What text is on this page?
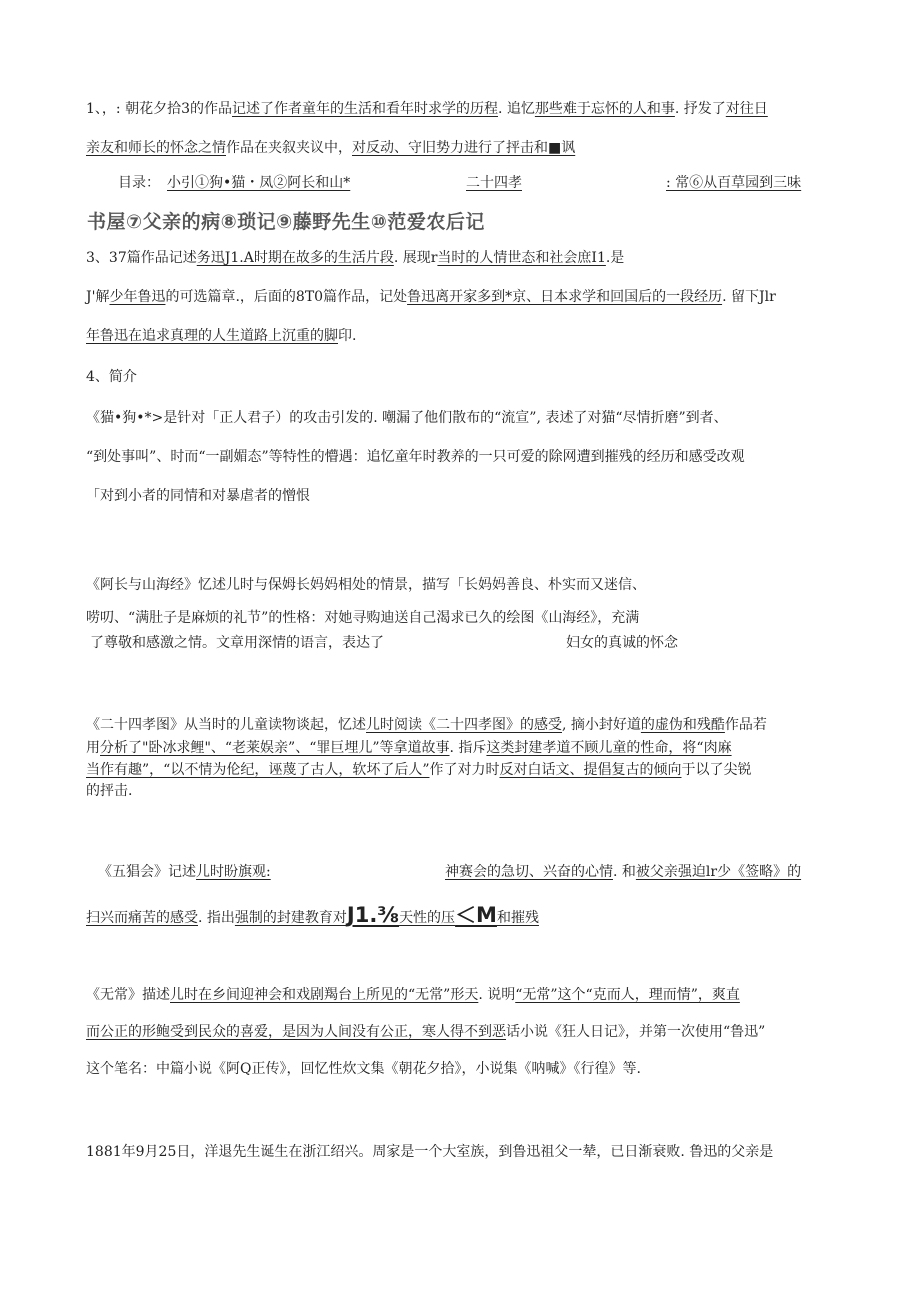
1、，: 朝花夕拾3的作品记述了作者童年的生活和看年时求学的历程. 追忆那些难于忘怀的人和事. 抒发了对往日
亲友和师长的怀念之情作品在夹叙夹议中，对反动、守旧势力进行了抨击和■讽
目录： 小引①狗•猫・凤②阿长和山*	二十四孝	: 常⑥从百草园到三味
书屋⑦父亲的病⑧琐记⑨藤野先生⑩范爱农后记
3、37篇作品记述务迅J1.A时期在故多的生活片段. 展现r当时的人情世态和社会庶I1.是
J'解少年鲁迅的可选篇章.，后面的8T0篇作品，记处鲁迅离开家多到*京、日本求学和回国后的一段经历. 留下Jlr
年鲁迅在追求真理的人生道路上沉重的脚印.
4、简介
《猫•狗•*>是针对「正人君子）的攻击引发的. 嘲漏了他们散布的“流宣”, 表述了对猫“尽情折磨”到者、
“到处事叫”、时而“一副媚态”等特性的懵遇：追忆童年时教养的一只可爱的除网遭到摧残的经历和感受改观
「对到小者的同情和对暴虐者的憎恨
《阿长与山海经》忆述儿时与保姆长妈妈相处的情景，描写「长妈妈善良、朴实而又迷信、
唠叨、“满肚子是麻烦的礼节”的性格：对她寻购迪送自己渴求已久的绘图《山海经》，充满
了尊敬和感激之情。文章用深情的语言，表达了	妇女的真诚的怀念
《二十四孝图》从当时的儿童读物谈起，忆述儿时阅读《二十四孝图》的感受, 摘小封好道的虚伪和残酷作品若
用分析了"卧冰求鲤"、“老莱娱亲”、“罪巨埋儿”等拿道故事. 指斥这类封建孝道不顾儿童的性命，将“肉麻
当作有趣”，“以不情为伦纪，诬蔑了古人，软坏了后人”作了对力时反对白话文、提倡复古的倾向于以了尖锐
的抨击.
《五猖会》记述儿时盼旗观:	神赛会的急切、兴奋的心情. 和被父亲强迫lr少《签略》的
扫兴而痛苦的感受. 指出强制的封建教育对J1.⅜天性的压＜M和摧残
《无常》描述儿时在乡间迎神会和戏剧羯台上所见的“无常”形天. 说明“无常”这个“克而人，理而情”，爽直
而公正的形鲍受到民众的喜爱，是因为人间没有公正，寒人得不到恶话小说《狂人日记》，并第一次使用“鲁迅”
这个笔名：中篇小说《阿Q正传》，回忆性炊文集《朝花夕拾》，小说集《呐喊》《行徨》等.
1881年9月25日，洋退先生诞生在浙江绍兴。周家是一个大室族，到鲁迅祖父一辇，已日渐衰败. 鲁迅的父亲是
